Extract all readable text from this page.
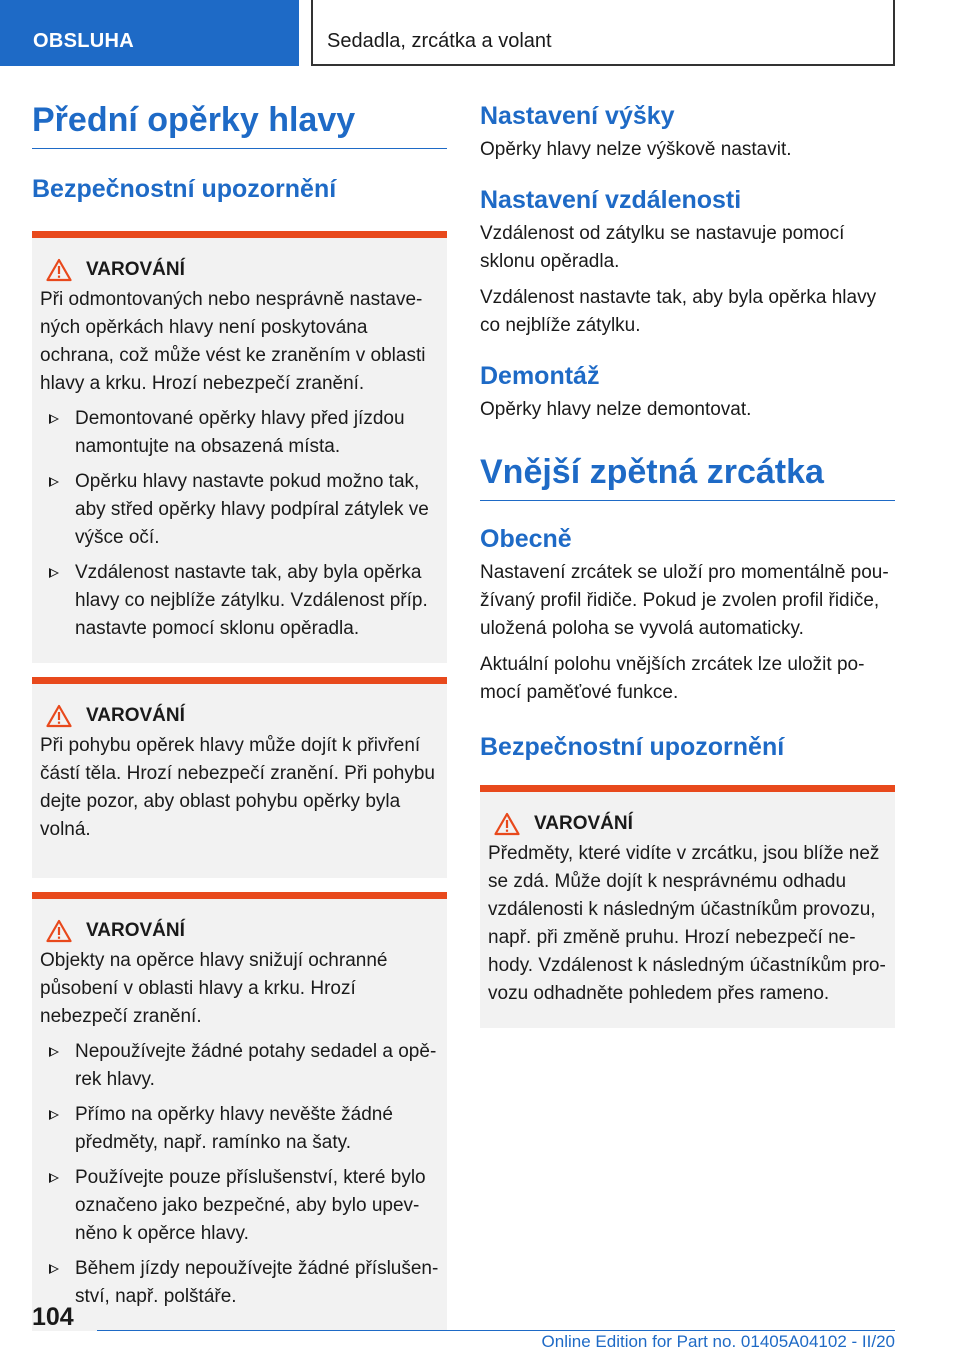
OBSLUHA	Sedadla, zrcátka a volant
Přední opěrky hlavy
Bezpečnostní upozornění
VAROVÁNÍ
Při odmontovaných nebo nesprávně nastavených opěrkách hlavy není poskytována ochrana, což může vést ke zraněním v oblasti hlavy a krku. Hrozí nebezpečí zranění.
Demontované opěrky hlavy před jízdou namontujte na obsazená místa.
Opěrku hlavy nastavte pokud možno tak, aby střed opěrky hlavy podpíral zátylek ve výšce očí.
Vzdálenost nastavte tak, aby byla opěrka hlavy co nejblíže zátylku. Vzdálenost příp. nastavte pomocí sklonu opěradla.
VAROVÁNÍ
Při pohybu opěrek hlavy může dojít k přivření částí těla. Hrozí nebezpečí zranění. Při pohybu dejte pozor, aby oblast pohybu opěrky byla volná.
VAROVÁNÍ
Objekty na opěrce hlavy snižují ochranné působení v oblasti hlavy a krku. Hrozí nebezpečí zranění.
Nepoužívejte žádné potahy sedadel a opěrek hlavy.
Přímo na opěrky hlavy nevěšte žádné předměty, např. ramínko na šaty.
Používejte pouze příslušenství, které bylo označeno jako bezpečné, aby bylo upevněno k opěrce hlavy.
Během jízdy nepoužívejte žádné příslušenství, např. polštáře.
Nastavení výšky
Opěrky hlavy nelze výškově nastavit.
Nastavení vzdálenosti
Vzdálenost od zátylku se nastavuje pomocí sklonu opěradla.
Vzdálenost nastavte tak, aby byla opěrka hlavy co nejblíže zátylku.
Demontáž
Opěrky hlavy nelze demontovat.
Vnější zpětná zrcátka
Obecně
Nastavení zrcátek se uloží pro momentálně používaný profil řidiče. Pokud je zvolen profil řidiče, uložená poloha se vyvolá automaticky.
Aktuální polohu vnějších zrcátek lze uložit pomocí paměťové funkce.
Bezpečnostní upozornění
VAROVÁNÍ
Předměty, které vidíte v zrcátku, jsou blíže než se zdá. Může dojít k nesprávnému odhadu vzdálenosti k následným účastníkům provozu, např. při změně pruhu. Hrozí nebezpečí nehody. Vzdálenost k následným účastníkům provozu odhadněte pohledem přes rameno.
104
Online Edition for Part no. 01405A04102 - II/20
